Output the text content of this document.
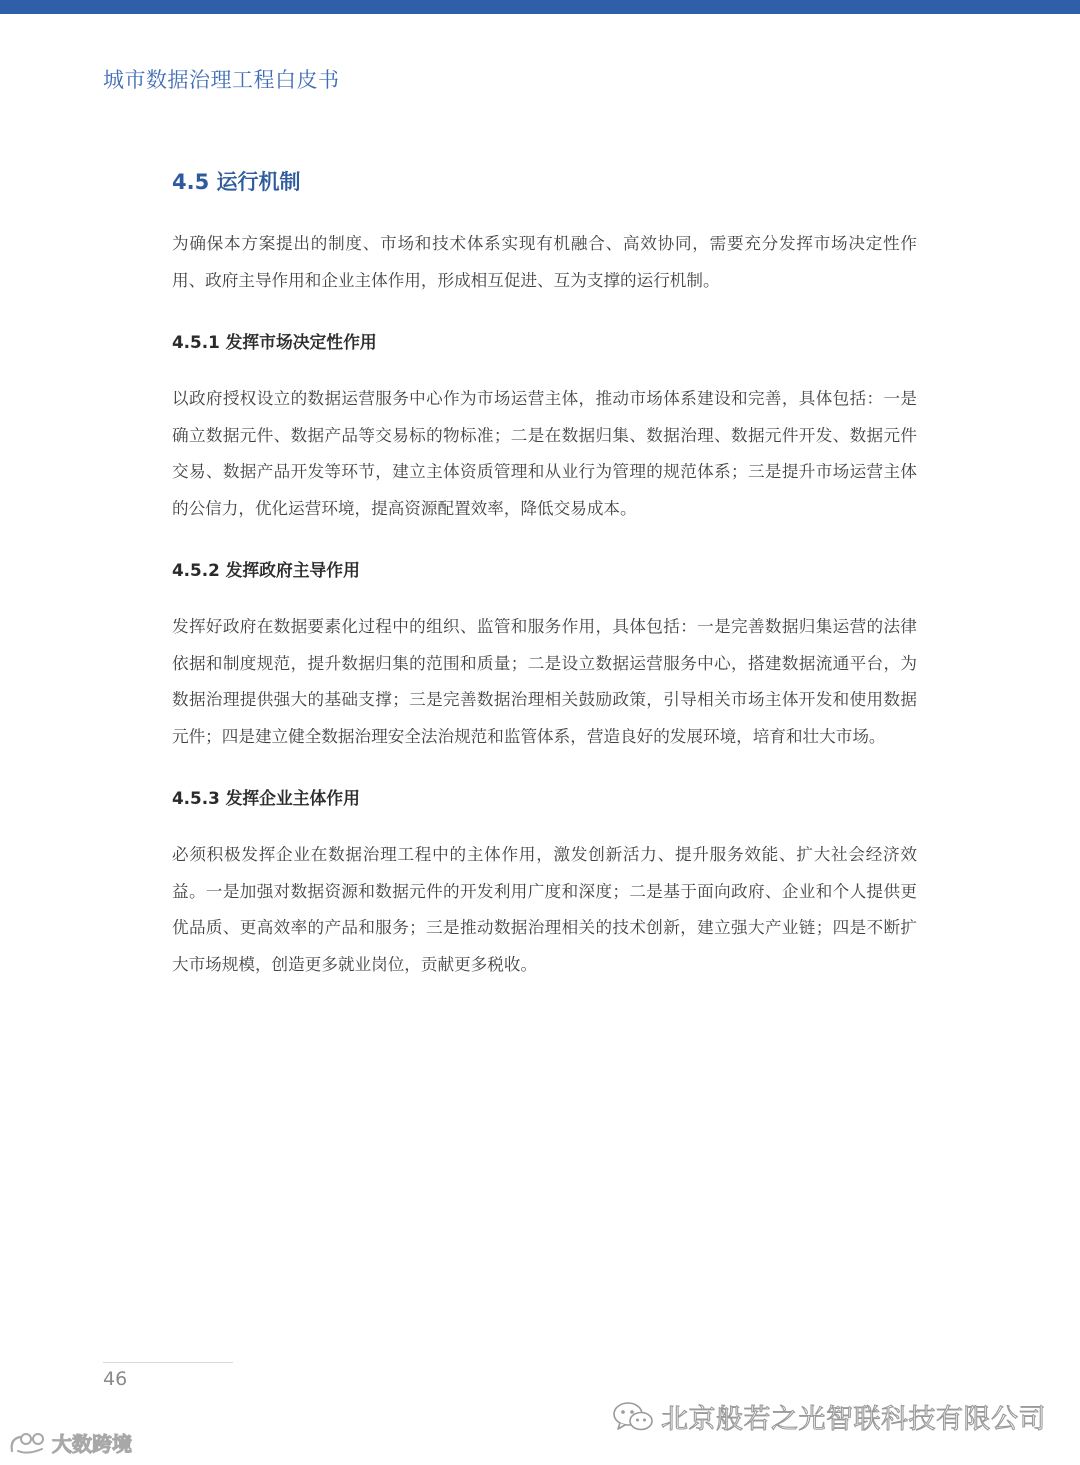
城市数据治理工程白皮书
4.5 运行机制

为确保本方案提出的制度、市场和技术体系实现有机融合、高效协同，需要充分发挥市场决定性作用、政府主导作用和企业主体作用，形成相互促进、互为支撑的运行机制。

4.5.1 发挥市场决定性作用

以政府授权设立的数据运营服务中心作为市场运营主体，推动市场体系建设和完善，具体包括：一是确立数据元件、数据产品等交易标的物标准；二是在数据归集、数据治理、数据元件开发、数据元件交易、数据产品开发等环节，建立主体资质管理和从业行为管理的规范体系；三是提升市场运营主体的公信力，优化运营环境，提高资源配置效率，降低交易成本。

4.5.2 发挥政府主导作用

发挥好政府在数据要素化过程中的组织、监管和服务作用，具体包括：一是完善数据归集运营的法律依据和制度规范，提升数据归集的范围和质量；二是设立数据运营服务中心，搭建数据流通平台，为数据治理提供强大的基础支撑；三是完善数据治理相关鼓励政策，引导相关市场主体开发和使用数据元件；四是建立健全数据治理安全法治规范和监管体系，营造良好的发展环境，培育和壮大市场。

4.5.3 发挥企业主体作用

必须积极发挥企业在数据治理工程中的主体作用，激发创新活力、提升服务效能、扩大社会经济效益。一是加强对数据资源和数据元件的开发利用广度和深度；二是基于面向政府、企业和个人提供更优品质、更高效率的产品和服务；三是推动数据治理相关的技术创新，建立强大产业链；四是不断扩大市场规模，创造更多就业岗位，贡献更多税收。

46
北京般若之光智联科技有限公司
大数跨境
